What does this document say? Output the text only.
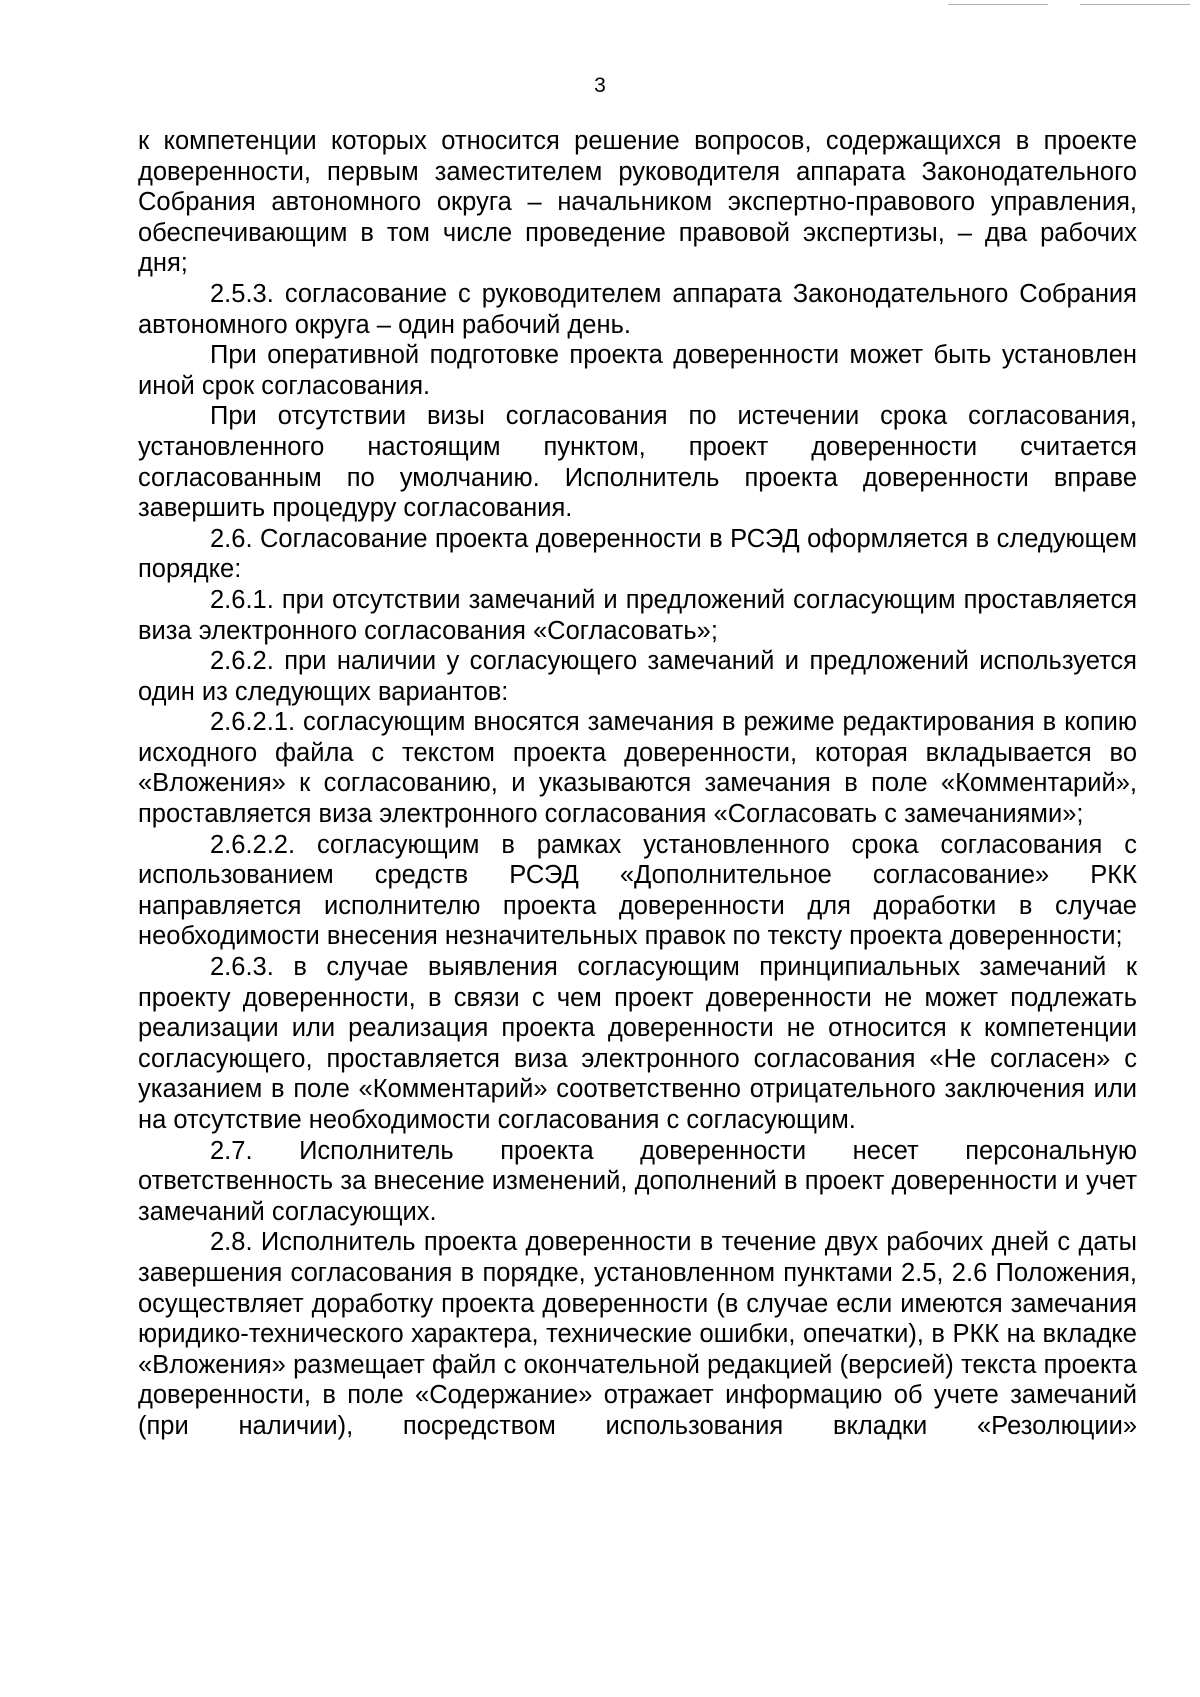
3

к компетенции которых относится решение вопросов, содержащихся в проекте доверенности, первым заместителем руководителя аппарата Законодательного Собрания автономного округа – начальником экспертно-правового управления, обеспечивающим в том числе проведение правовой экспертизы, – два рабочих дня;

2.5.3. согласование с руководителем аппарата Законодательного Собрания автономного округа – один рабочий день.

При оперативной подготовке проекта доверенности может быть установлен иной срок согласования.

При отсутствии визы согласования по истечении срока согласования, установленного настоящим пунктом, проект доверенности считается согласованным по умолчанию. Исполнитель проекта доверенности вправе завершить процедуру согласования.

2.6. Согласование проекта доверенности в РСЭД оформляется в следующем порядке:

2.6.1. при отсутствии замечаний и предложений согласующим проставляется виза электронного согласования «Согласовать»;

2.6.2. при наличии у согласующего замечаний и предложений используется один из следующих вариантов:

2.6.2.1. согласующим вносятся замечания в режиме редактирования в копию исходного файла с текстом проекта доверенности, которая вкладывается во «Вложения» к согласованию, и указываются замечания в поле «Комментарий», проставляется виза электронного согласования «Согласовать с замечаниями»;

2.6.2.2. согласующим в рамках установленного срока согласования с использованием средств РСЭД «Дополнительное согласование» РКК направляется исполнителю проекта доверенности для доработки в случае необходимости внесения незначительных правок по тексту проекта доверенности;

2.6.3. в случае выявления согласующим принципиальных замечаний к проекту доверенности, в связи с чем проект доверенности не может подлежать реализации или реализация проекта доверенности не относится к компетенции согласующего, проставляется виза электронного согласования «Не согласен» с указанием в поле «Комментарий» соответственно отрицательного заключения или на отсутствие необходимости согласования с согласующим.

2.7. Исполнитель проекта доверенности несет персональную ответственность за внесение изменений, дополнений в проект доверенности и учет замечаний согласующих.

2.8. Исполнитель проекта доверенности в течение двух рабочих дней с даты завершения согласования в порядке, установленном пунктами 2.5, 2.6 Положения, осуществляет доработку проекта доверенности (в случае если имеются замечания юридико-технического характера, технические ошибки, опечатки), в РКК на вкладке «Вложения» размещает файл с окончательной редакцией (версией) текста проекта доверенности, в поле «Содержание» отражает информацию об учете замечаний (при наличии), посредством использования вкладки «Резолюции»
